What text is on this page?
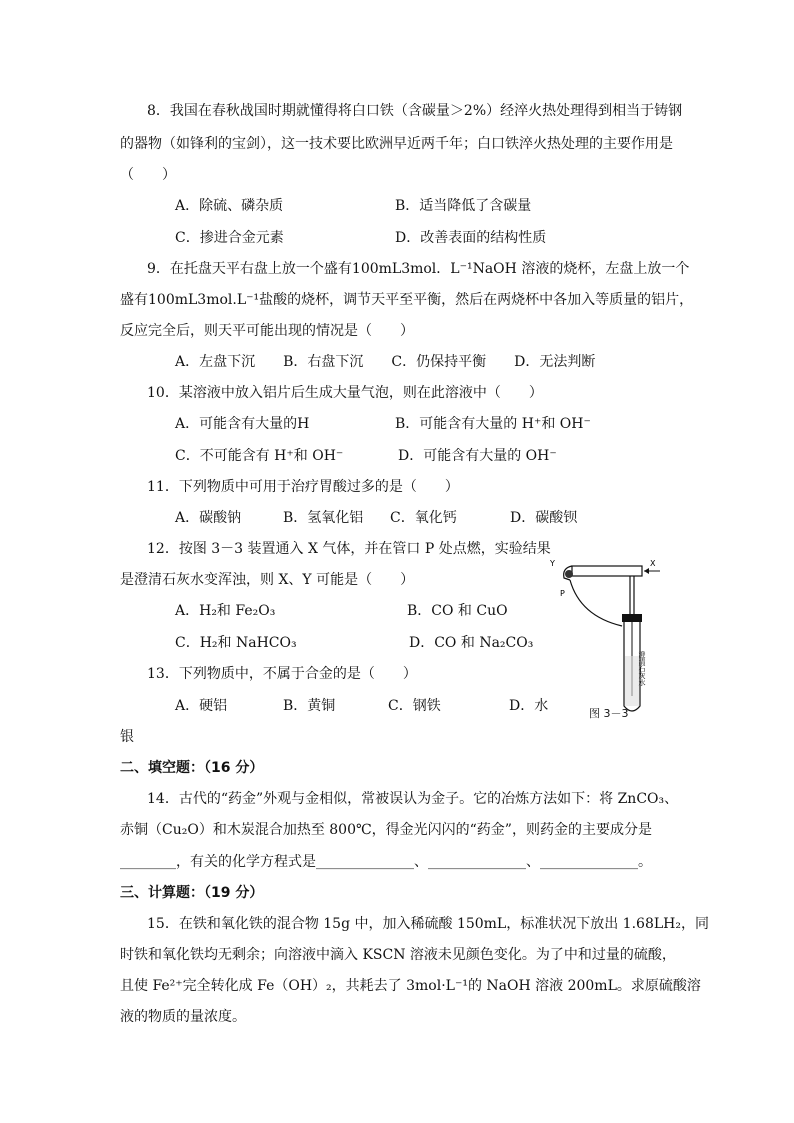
8．我国在春秋战国时期就懂得将白口铁（含碳量＞2%）经淬火热处理得到相当于铸钢
的器物（如锋利的宝剑），这一技术要比欧洲早近两千年；白口铁淬火热处理的主要作用是
（　　）
A．除硫、磷杂质	B．适当降低了含碳量
C．掺进合金元素	D．改善表面的结构性质
9．在托盘天平右盘上放一个盛有100mL3mol．L⁻¹NaOH 溶液的烧杯，左盘上放一个
盛有100mL3mol.L⁻¹盐酸的烧杯，调节天平至平衡，然后在两烧杯中各加入等质量的铝片，
反应完全后，则天平可能出现的情况是（　　）
A．左盘下沉　　B．右盘下沉　　C．仍保持平衡　　D．无法判断
10．某溶液中放入铝片后生成大量气泡，则在此溶液中（　　）
A．可能含有大量的H	B．可能含有大量的 H⁺和 OH⁻
C．不可能含有 H⁺和 OH⁻	D．可能含有大量的 OH⁻
11．下列物质中可用于治疗胃酸过多的是（　　）
A．碳酸钠	B．氢氧化铝 C．氧化钙	D．碳酸钡
12．按图 3－3 装置通入 X 气体，并在管口 P 处点燃，实验结果
是澄清石灰水变浑浊，则 X、Y 可能是（　　）
A．H₂和 Fe₂O₃	B．CO 和 CuO
C．H₂和 NaHCO₃	D．CO 和 Na₂CO₃
13．下列物质中，不属于合金的是（　　）
A．硬铝	B．黄铜	C．钢铁	D．水
银
二、填空题：（16 分）
14．古代的“药金”外观与金相似，常被误认为金子。它的冶炼方法如下：将 ZnCO₃、
赤铜（Cu₂O）和木炭混合加热至 800℃，得金光闪闪的“药金”，则药金的主要成分是
________，有关的化学方程式是______________、______________、______________。
三、计算题：（19 分）
15．在铁和氧化铁的混合物 15g 中，加入稀硫酸 150mL，标准状况下放出 1.68LH₂，同
时铁和氧化铁均无剩余；向溶液中滴入 KSCN 溶液未见颜色变化。为了中和过量的硫酸，
且使 Fe²⁺完全转化成 Fe（OH）₂，共耗去了 3mol·L⁻¹的 NaOH 溶液 200mL。求原硫酸溶
液的物质的量浓度。
Y	X
P
澄清石灰水
图 3－3
